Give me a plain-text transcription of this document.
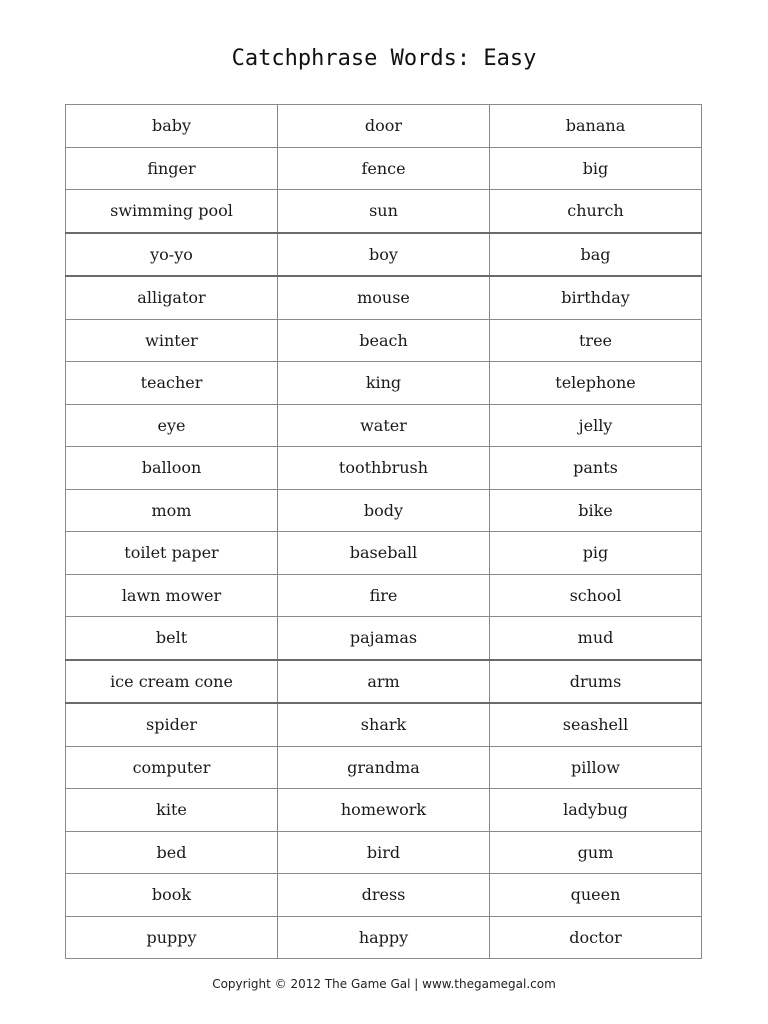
Catchphrase Words: Easy
baby	door	banana
finger	fence	big
swimming pool	sun	church
yo-yo	boy	bag
alligator	mouse	birthday
winter	beach	tree
teacher	king	telephone
eye	water	jelly
balloon	toothbrush	pants
mom	body	bike
toilet paper	baseball	pig
lawn mower	fire	school
belt	pajamas	mud
ice cream cone	arm	drums
spider	shark	seashell
computer	grandma	pillow
kite	homework	ladybug
bed	bird	gum
book	dress	queen
puppy	happy	doctor
Copyright © 2012 The Game Gal | www.thegamegal.com
